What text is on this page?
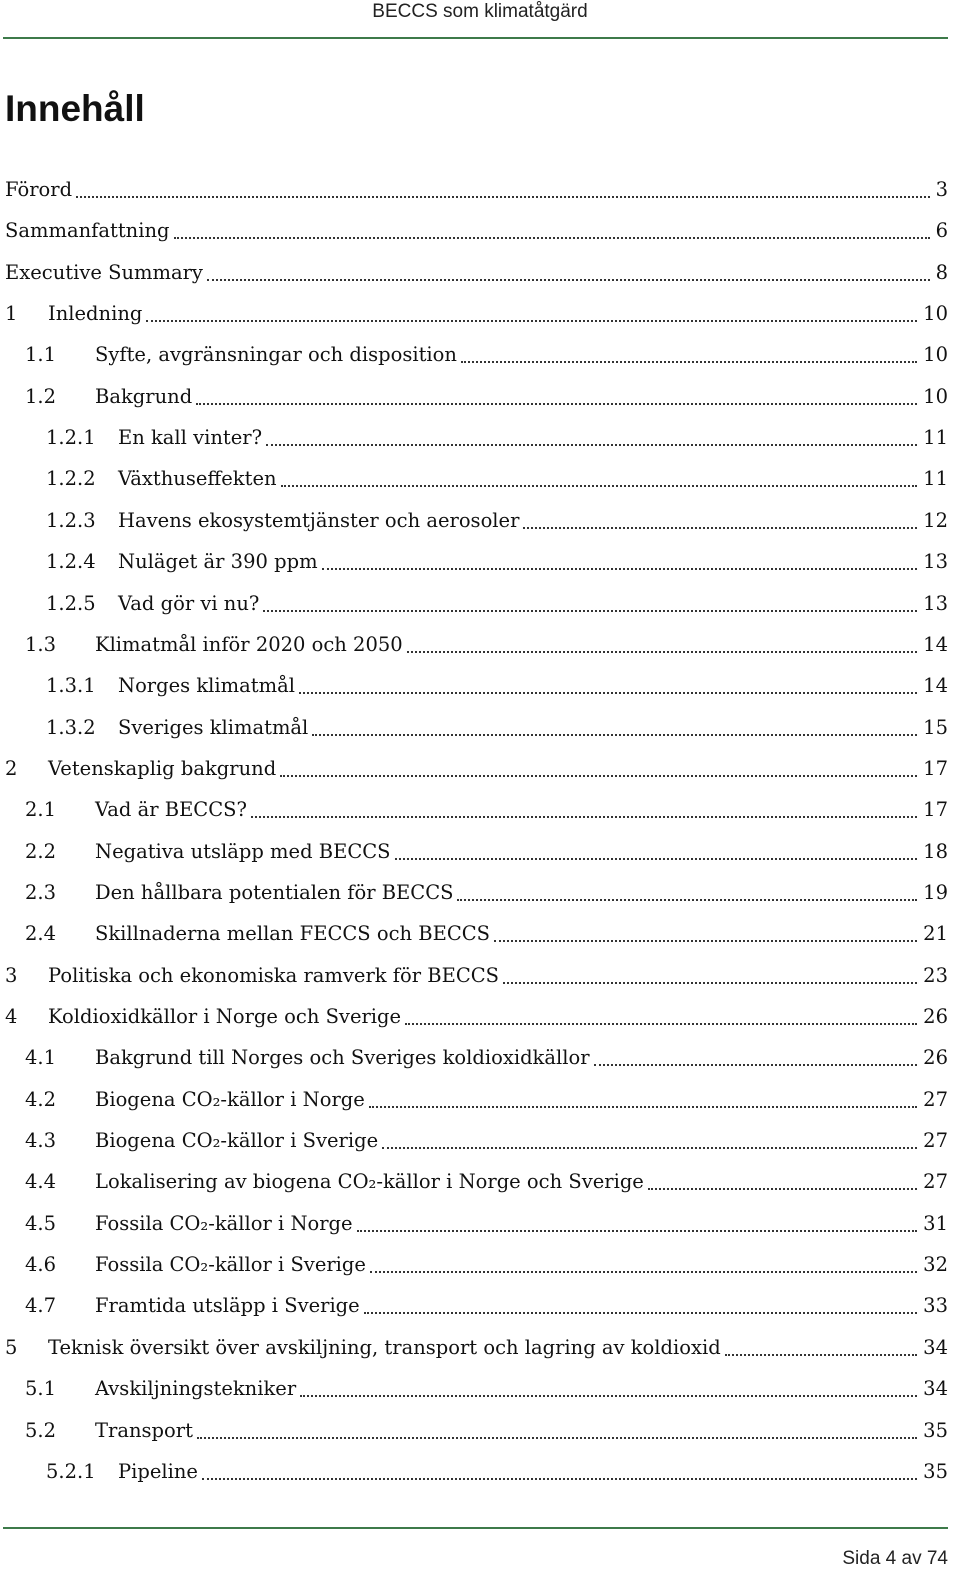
BECCS som klimatåtgärd
Innehåll
Förord	3
Sammanfattning	6
Executive Summary	8
1 Inledning	10
1.1 Syfte, avgränsningar och disposition	10
1.2 Bakgrund	10
1.2.1 En kall vinter?	11
1.2.2 Växthuseffekten	11
1.2.3 Havens ekosystemtjänster och aerosoler	12
1.2.4 Nuläget är 390 ppm	13
1.2.5 Vad gör vi nu?	13
1.3 Klimatmål inför 2020 och 2050	14
1.3.1 Norges klimatmål	14
1.3.2 Sveriges klimatmål	15
2 Vetenskaplig bakgrund	17
2.1 Vad är BECCS?	17
2.2 Negativa utsläpp med BECCS	18
2.3 Den hållbara potentialen för BECCS	19
2.4 Skillnaderna mellan FECCS och BECCS	21
3 Politiska och ekonomiska ramverk för BECCS	23
4 Koldioxidkällor i Norge och Sverige	26
4.1 Bakgrund till Norges och Sveriges koldioxidkällor	26
4.2 Biogena CO₂-källor i Norge	27
4.3 Biogena CO₂-källor i Sverige	27
4.4 Lokalisering av biogena CO₂-källor i Norge och Sverige	27
4.5 Fossila CO₂-källor i Norge	31
4.6 Fossila CO₂-källor i Sverige	32
4.7 Framtida utsläpp i Sverige	33
5 Teknisk översikt över avskiljning, transport och lagring av koldioxid	34
5.1 Avskiljningstekniker	34
5.2 Transport	35
5.2.1 Pipeline	35
Sida 4 av 74
